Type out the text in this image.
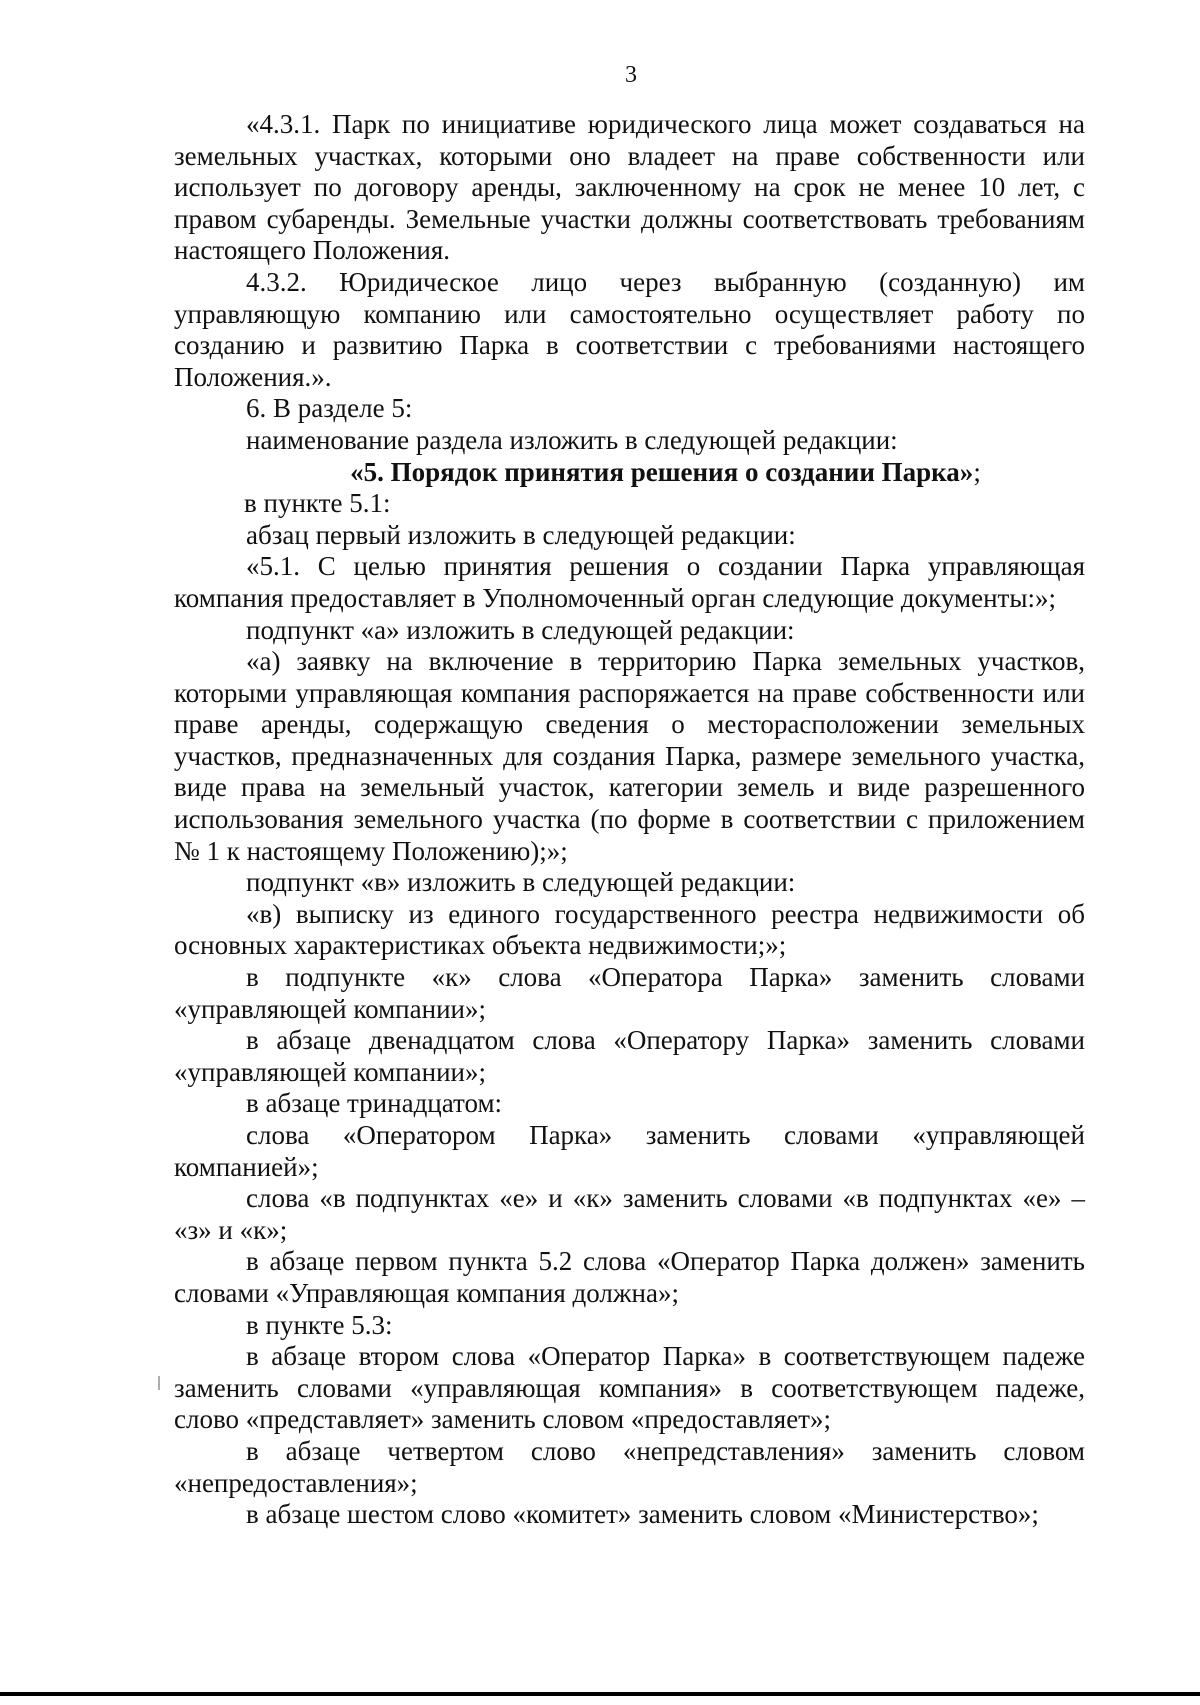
3

«4.3.1. Парк по инициативе юридического лица может создаваться на земельных участках, которыми оно владеет на праве собственности или использует по договору аренды, заключенному на срок не менее 10 лет, с правом субаренды. Земельные участки должны соответствовать требованиям настоящего Положения.

4.3.2. Юридическое лицо через выбранную (созданную) им управляющую компанию или самостоятельно осуществляет работу по созданию и развитию Парка в соответствии с требованиями настоящего Положения.».

6. В разделе 5:

наименование раздела изложить в следующей редакции:

«5. Порядок принятия решения о создании Парка»;

в пункте 5.1:

абзац первый изложить в следующей редакции:

«5.1. С целью принятия решения о создании Парка управляющая компания предоставляет в Уполномоченный орган следующие документы:»;

подпункт «а» изложить в следующей редакции:

«а) заявку на включение в территорию Парка земельных участков, которыми управляющая компания распоряжается на праве собственности или праве аренды, содержащую сведения о месторасположении земельных участков, предназначенных для создания Парка, размере земельного участка, виде права на земельный участок, категории земель и виде разрешенного использования земельного участка (по форме в соответствии с приложением № 1 к настоящему Положению);»;

подпункт «в» изложить в следующей редакции:

«в) выписку из единого государственного реестра недвижимости об основных характеристиках объекта недвижимости;»;

в подпункте «к» слова «Оператора Парка» заменить словами «управляющей компании»;

в абзаце двенадцатом слова «Оператору Парка» заменить словами «управляющей компании»;

в абзаце тринадцатом:

слова «Оператором Парка» заменить словами «управляющей компанией»;

слова «в подпунктах «е» и «к» заменить словами «в подпунктах «е» – «з» и «к»;

в абзаце первом пункта 5.2 слова «Оператор Парка должен» заменить словами «Управляющая компания должна»;

в пункте 5.3:

в абзаце втором слова «Оператор Парка» в соответствующем падеже заменить словами «управляющая компания» в соответствующем падеже, слово «представляет» заменить словом «предоставляет»;

в абзаце четвертом слово «непредставления» заменить словом «непредоставления»;

в абзаце шестом слово «комитет» заменить словом «Министерство»;
